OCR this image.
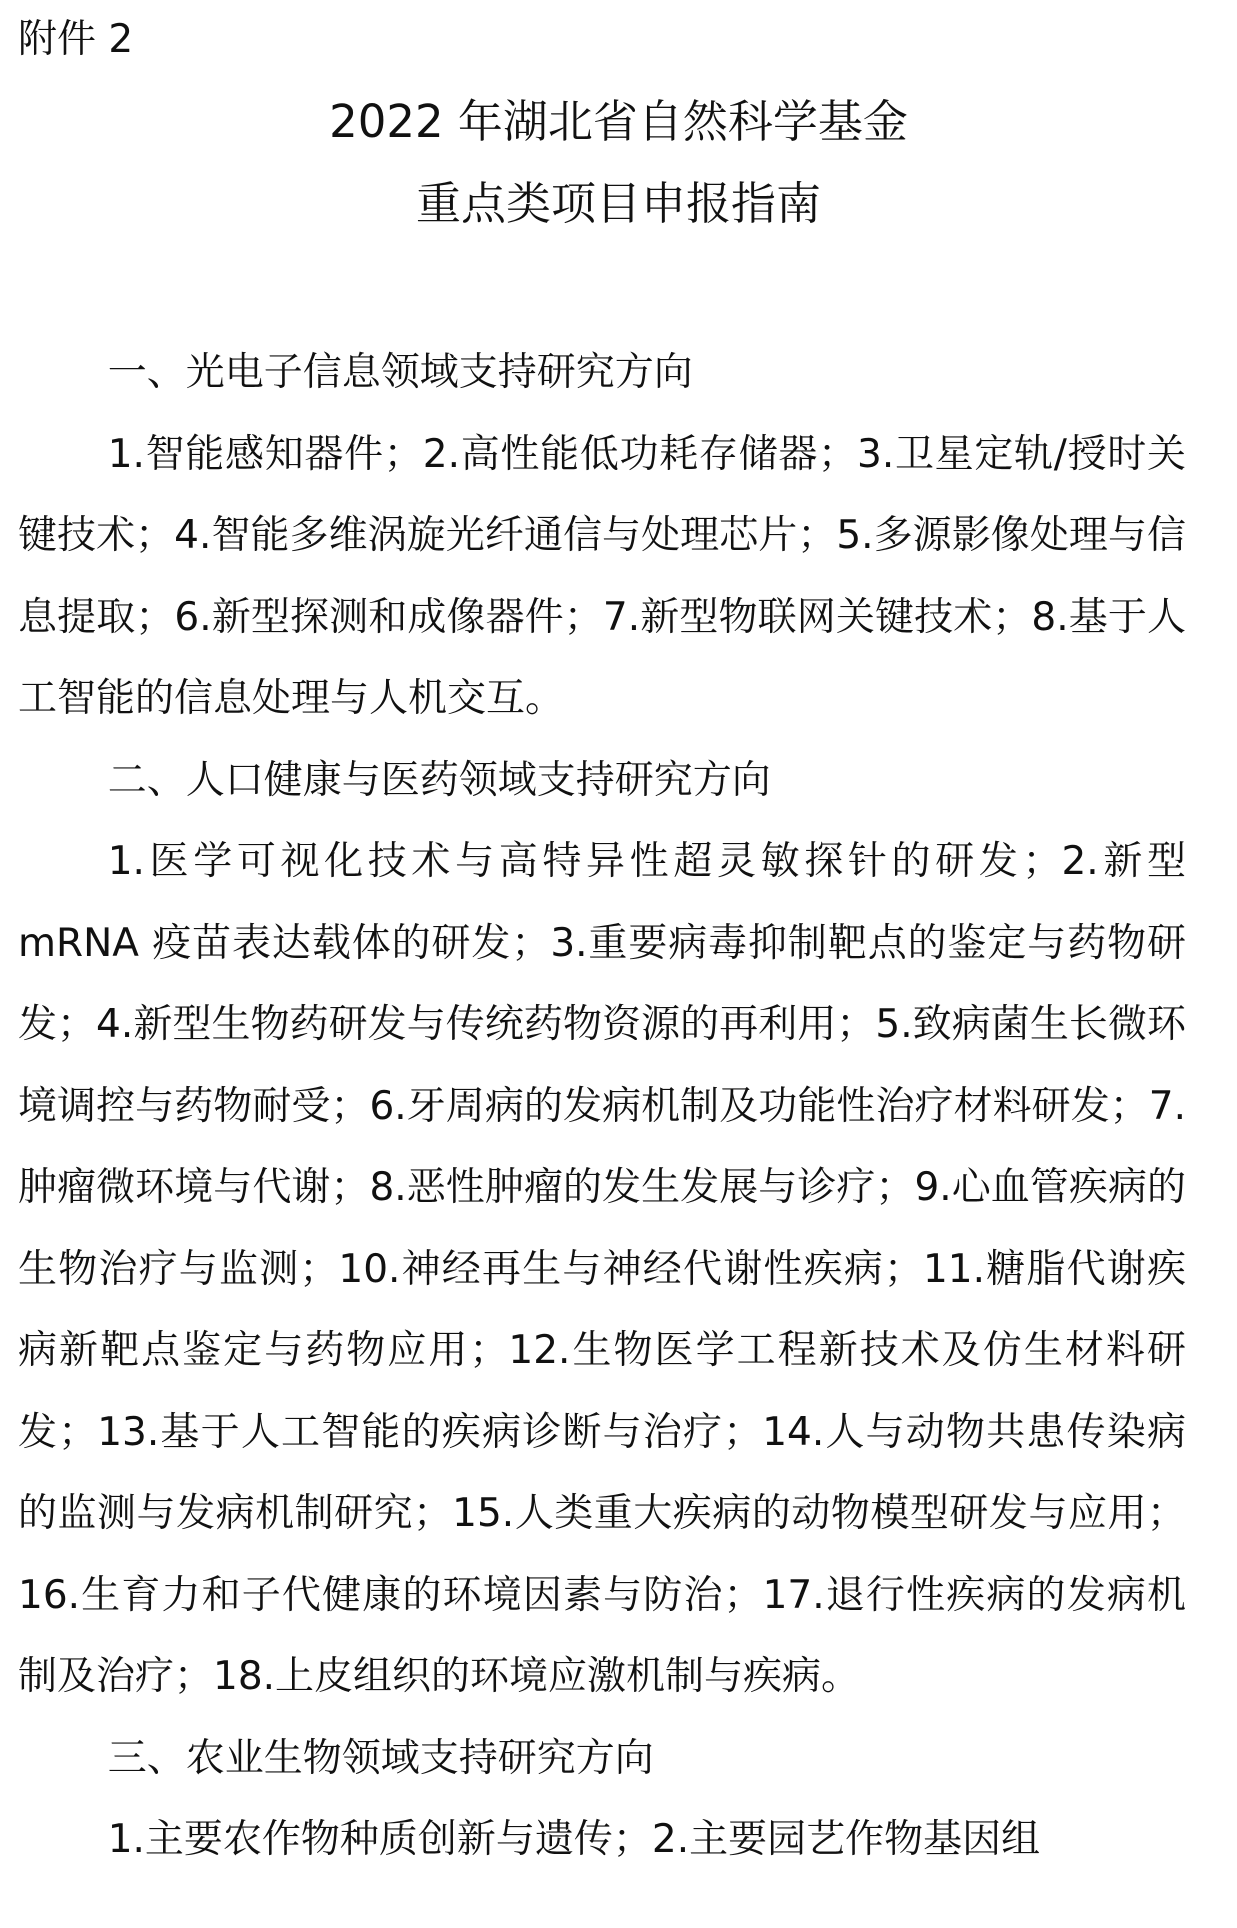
附件 2
2022 年湖北省自然科学基金
重点类项目申报指南
一、光电子信息领域支持研究方向

1.智能感知器件；2.高性能低功耗存储器；3.卫星定轨/授时关键技术；4.智能多维涡旋光纤通信与处理芯片；5.多源影像处理与信息提取；6.新型探测和成像器件；7.新型物联网关键技术；8.基于人工智能的信息处理与人机交互。

二、人口健康与医药领域支持研究方向

1.医学可视化技术与高特异性超灵敏探针的研发；2.新型 mRNA 疫苗表达载体的研发；3.重要病毒抑制靶点的鉴定与药物研发；4.新型生物药研发与传统药物资源的再利用；5.致病菌生长微环境调控与药物耐受；6.牙周病的发病机制及功能性治疗材料研发；7.肿瘤微环境与代谢；8.恶性肿瘤的发生发展与诊疗；9.心血管疾病的生物治疗与监测；10.神经再生与神经代谢性疾病；11.糖脂代谢疾病新靶点鉴定与药物应用；12.生物医学工程新技术及仿生材料研发；13.基于人工智能的疾病诊断与治疗；14.人与动物共患传染病的监测与发病机制研究；15.人类重大疾病的动物模型研发与应用；16.生育力和子代健康的环境因素与防治；17.退行性疾病的发病机制及治疗；18.上皮组织的环境应激机制与疾病。

三、农业生物领域支持研究方向

1.主要农作物种质创新与遗传；2.主要园艺作物基因组
